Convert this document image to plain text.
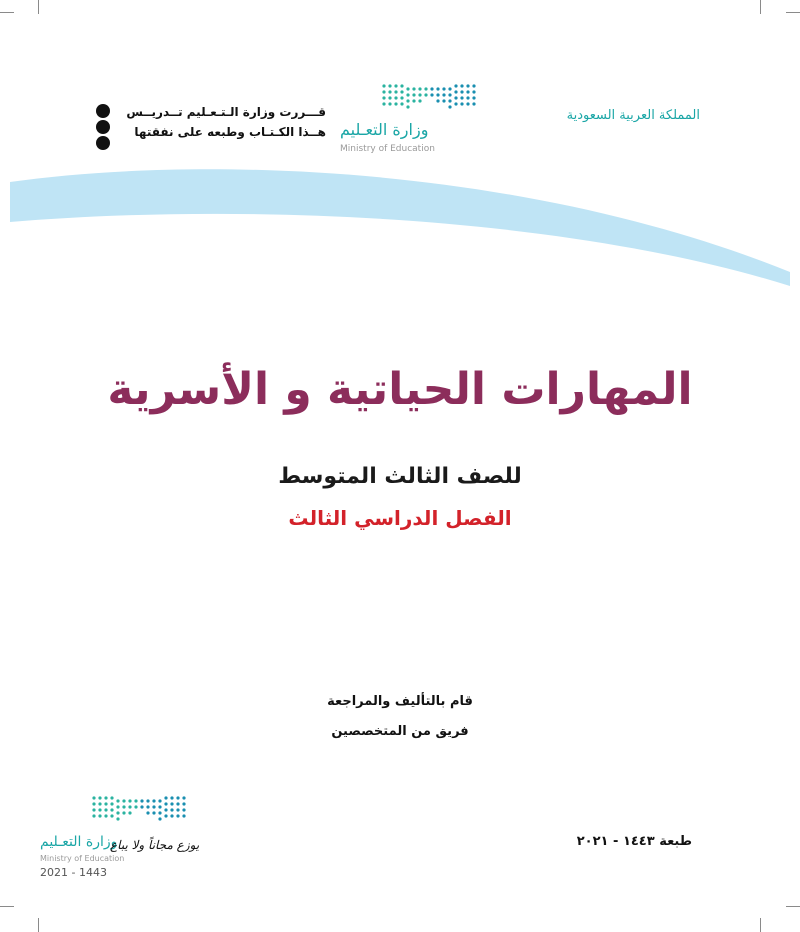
المملكة العربية السعودية
وزارة التعـليم
Ministry of Education
قـــررت وزارة الـتـعـليم تــدريــس
هــذا الكـتـاب وطبعه على نفقتها
المهارات الحياتية و الأسرية
للصف الثالث المتوسط
الفصل الدراسي الثالث
قام بالتأليف والمراجعة
فريق من المتخصصين
طبعة ١٤٤٣ - ٢٠٢١
وزارة التعـليم
يوزع مجاناً ولا يباع
Ministry of Education
2021 - 1443
